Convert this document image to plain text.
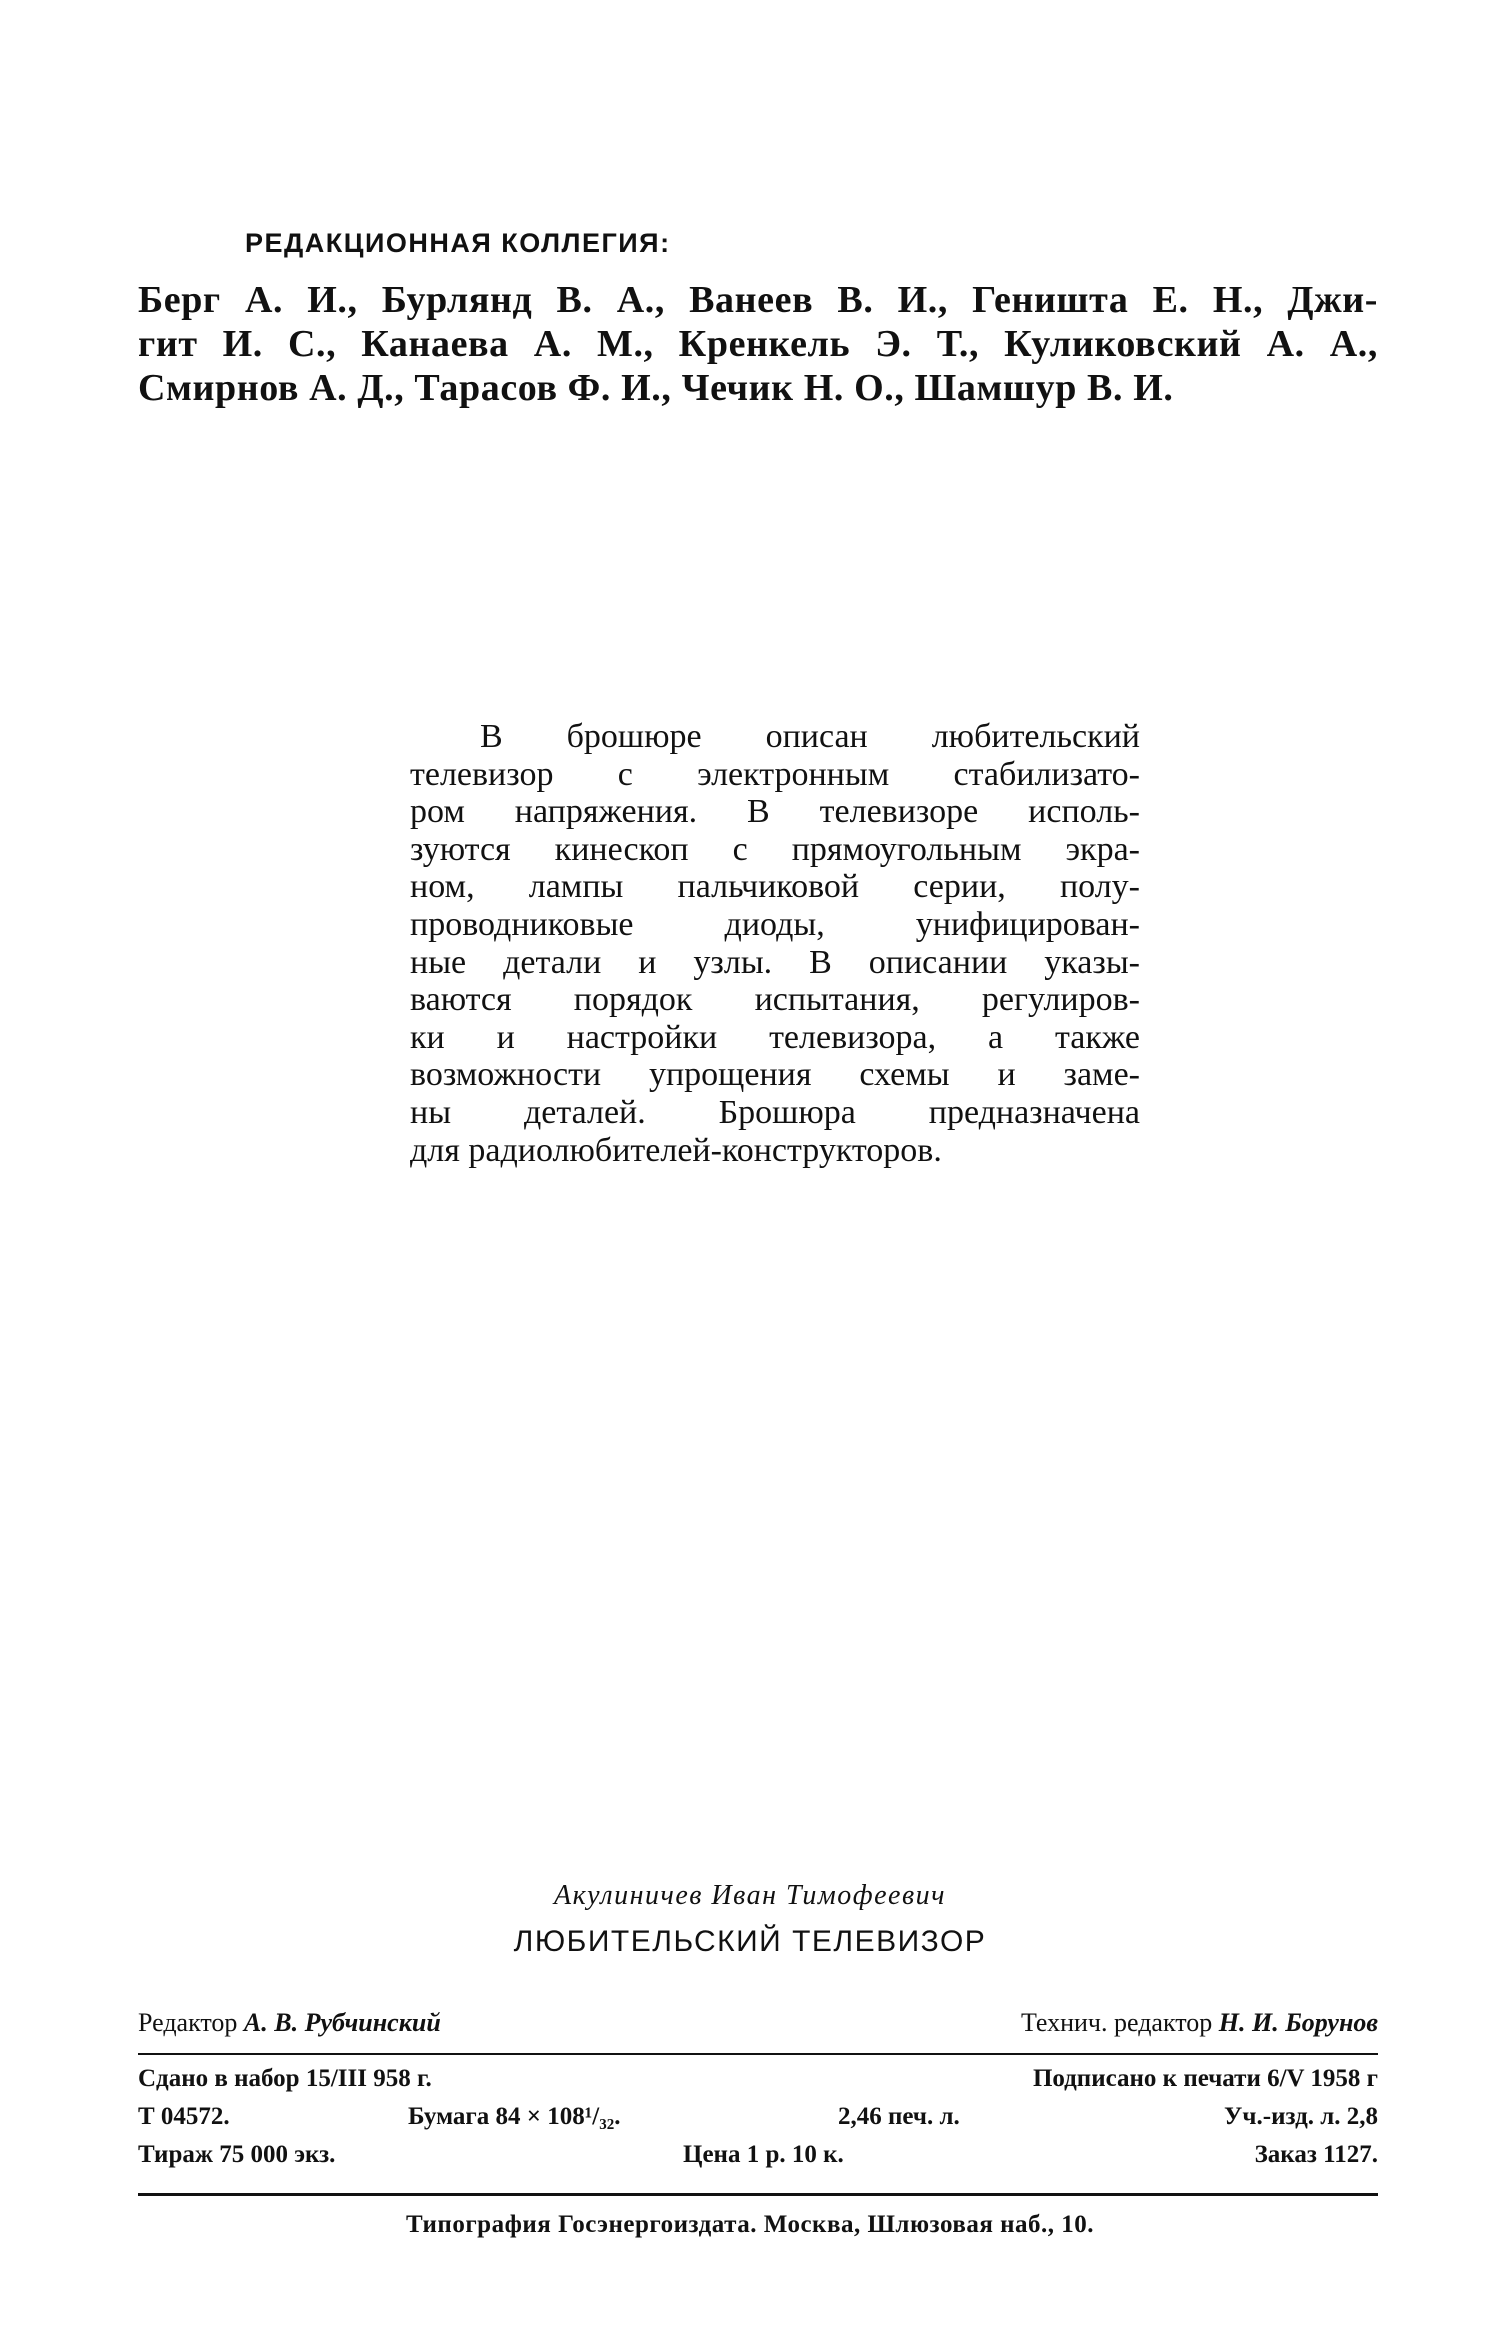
РЕДАКЦИОННАЯ КОЛЛЕГИЯ:

Берг А. И., Бурлянд В. А., Ванеев В. И., Геништа Е. Н., Джи-
гит И. С., Канаева А. М., Кренкель Э. Т., Куликовский А. А.,
Смирнов А. Д., Тарасов Ф. И., Чечик Н. О., Шамшур В. И.
В брошюре описан любительский
телевизор с электронным стабилизато-
ром напряжения. В телевизоре исполь-
зуются кинескоп с прямоугольным экра-
ном, лампы пальчиковой серии, полу-
проводниковые диоды, унифицирован-
ные детали и узлы. В описании указы-
ваются порядок испытания, регулиров-
ки и настройки телевизора, а также
возможности упрощения схемы и заме-
ны деталей. Брошюра предназначена
для радиолюбителей-конструкторов.

Акулиничев Иван Тимофеевич

ЛЮБИТЕЛЬСКИЙ ТЕЛЕВИЗОР

Редактор А. В. Рубчинский	Технич. редактор Н. И. Борунов
Сдано в набор 15/III 958 г.	Подписано к печати 6/V 1958 г
Т 04572.	Бумага 84 × 108¹/₃₂.	2,46 печ. л.	Уч.-изд. л. 2,8
Тираж 75 000 экз.	Цена 1 р. 10 к.	Заказ 1127.

Типография Госэнергоиздата. Москва, Шлюзовая наб., 10.
